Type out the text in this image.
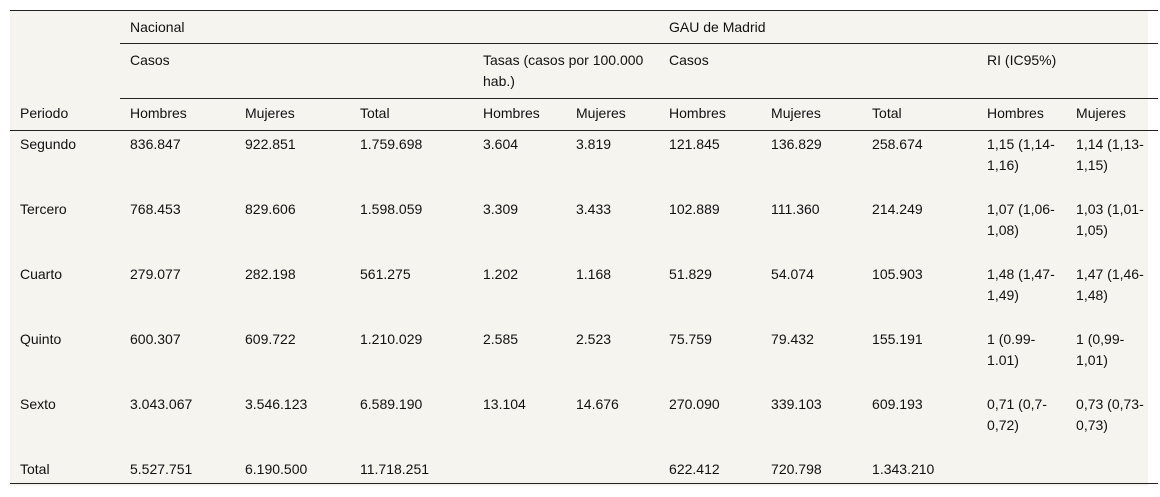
	Nacional					GAU de Madrid				
	Casos			Tasas (casos por 100.000 hab.)		Casos			RI (IC95%)	
Periodo	Hombres	Mujeres	Total	Hombres	Mujeres	Hombres	Mujeres	Total	Hombres	Mujeres
Segundo	836.847	922.851	1.759.698	3.604	3.819	121.845	136.829	258.674	1,15 (1,14-1,16)	1,14 (1,13-1,15)
Tercero	768.453	829.606	1.598.059	3.309	3.433	102.889	111.360	214.249	1,07 (1,06-1,08)	1,03 (1,01-1,05)
Cuarto	279.077	282.198	561.275	1.202	1.168	51.829	54.074	105.903	1,48 (1,47-1,49)	1,47 (1,46-1,48)
Quinto	600.307	609.722	1.210.029	2.585	2.523	75.759	79.432	155.191	1 (0.99-1.01)	1 (0,99-1,01)
Sexto	3.043.067	3.546.123	6.589.190	13.104	14.676	270.090	339.103	609.193	0,71 (0,7-0,72)	0,73 (0,73-0,73)
Total	5.527.751	6.190.500	11.718.251			622.412	720.798	1.343.210		
